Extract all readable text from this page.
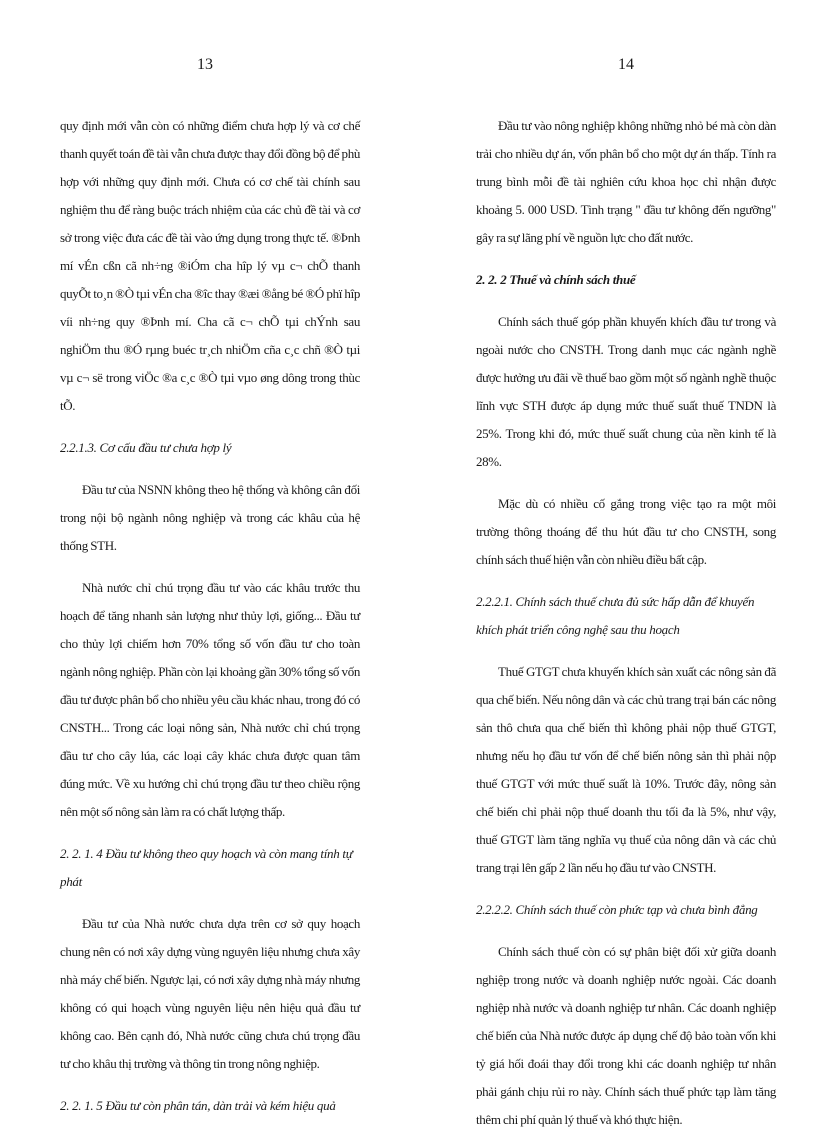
13

quy định mới vẫn còn có những điểm chưa hợp lý và cơ chế thanh quyết toán đề tài vẫn chưa được thay đổi đồng bộ để phù hợp với những quy định mới. Chưa có cơ chế tài chính sau nghiệm thu để ràng buộc trách nhiệm của các chủ đề tài và cơ sở trong việc đưa các đề tài vào ứng dụng trong thực tế. ®Þnh mí vÉn cßn cã nh÷ng ®iÓm cha hîp lý vµ c¬ chÕ thanh quyÕt to¸n ®Ò tµi vÉn cha ®îc thay ®æi ®ång bé ®Ó phï hîp víi nh÷ng quy ®Þnh mí. Cha cã c¬ chÕ tµi chÝnh sau nghiÖm thu ®Ó rµng buéc tr¸ch nhiÖm cña c¸c chñ ®Ò tµi vµ c¬ së trong viÖc ®a c¸c ®Ò tµi vµo øng dông trong thùc tÕ.

2.2.1.3. Cơ cấu đầu tư chưa hợp lý

Đầu tư của NSNN không theo hệ thống và không cân đối trong nội bộ ngành nông nghiệp và trong các khâu của hệ thống STH.

Nhà nước chỉ chú trọng đầu tư vào các khâu trước thu hoạch để tăng nhanh sản lượng như thủy lợi, giống... Đầu tư cho thủy lợi chiếm hơn 70% tổng số vốn đầu tư cho toàn ngành nông nghiệp. Phần còn lại khoảng gần 30% tổng số vốn đầu tư được phân bổ cho nhiều yêu cầu khác nhau, trong đó có CNSTH... Trong các loại nông sản, Nhà nước chỉ chú trọng đầu tư cho cây lúa, các loại cây khác chưa được quan tâm đúng mức. Về xu hướng chỉ chú trọng đầu tư theo chiều rộng nên một số nông sản làm ra có chất lượng thấp.

2. 2. 1. 4 Đầu tư không theo quy hoạch và còn mang tính tự phát

Đầu tư của Nhà nước chưa dựa trên cơ sở quy hoạch chung nên có nơi xây dựng vùng nguyên liệu nhưng chưa xây nhà máy chế biến. Ngược lại, có nơi xây dựng nhà máy nhưng không có qui hoạch vùng nguyên liệu nên hiệu quả đầu tư không cao. Bên cạnh đó, Nhà nước cũng chưa chú trọng đầu tư cho khâu thị trường và thông tin trong nông nghiệp.

2. 2. 1. 5 Đầu tư còn phân tán, dàn trải và kém hiệu quả
14

Đầu tư vào nông nghiệp không những nhỏ bé mà còn dàn trải cho nhiều dự án, vốn phân bổ cho một dự án thấp. Tính ra trung bình mỗi đề tài nghiên cứu khoa học chỉ nhận được khoảng 5. 000 USD. Tình trạng " đầu tư không đến ngưỡng" gây ra sự lãng phí về nguồn lực cho đất nước.

2. 2. 2 Thuế và chính sách thuế

Chính sách thuế góp phần khuyến khích đầu tư trong và ngoài nước cho CNSTH. Trong danh mục các ngành nghề được hưởng ưu đãi về thuế bao gồm một số ngành nghề thuộc lĩnh vực STH được áp dụng mức thuế suất thuế TNDN là 25%. Trong khi đó, mức thuế suất chung của nền kinh tế là 28%.

Mặc dù có nhiều cố gắng trong việc tạo ra một môi trường thông thoáng để thu hút đầu tư cho CNSTH, song chính sách thuế hiện vẫn còn nhiều điều bất cập.

2.2.2.1. Chính sách thuế chưa đủ sức hấp dẫn để khuyến khích phát triển công nghệ sau thu hoạch

Thuế GTGT chưa khuyến khích sản xuất các nông sản đã qua chế biến. Nếu nông dân và các chủ trang trại bán các nông sản thô chưa qua chế biến thì không phải nộp thuế GTGT, nhưng nếu họ đầu tư vốn để chế biến nông sản thì phải nộp thuế GTGT với mức thuế suất là 10%. Trước đây, nông sản chế biến chỉ phải nộp thuế doanh thu tối đa là 5%, như vậy, thuế GTGT làm tăng nghĩa vụ thuế của nông dân và các chủ trang trại lên gấp 2 lần nếu họ đầu tư vào CNSTH.

2.2.2.2. Chính sách thuế còn phức tạp và chưa bình đẳng

Chính sách thuế còn có sự phân biệt đối xử giữa doanh nghiệp trong nước và doanh nghiệp nước ngoài. Các doanh nghiệp nhà nước và doanh nghiệp tư nhân. Các doanh nghiệp chế biến của Nhà nước được áp dụng chế độ bảo toàn vốn khi tỷ giá hối đoái thay đổi trong khi các doanh nghiệp tư nhân phải gánh chịu rủi ro này. Chính sách thuế phức tạp làm tăng thêm chi phí quản lý thuế và khó thực hiện.
